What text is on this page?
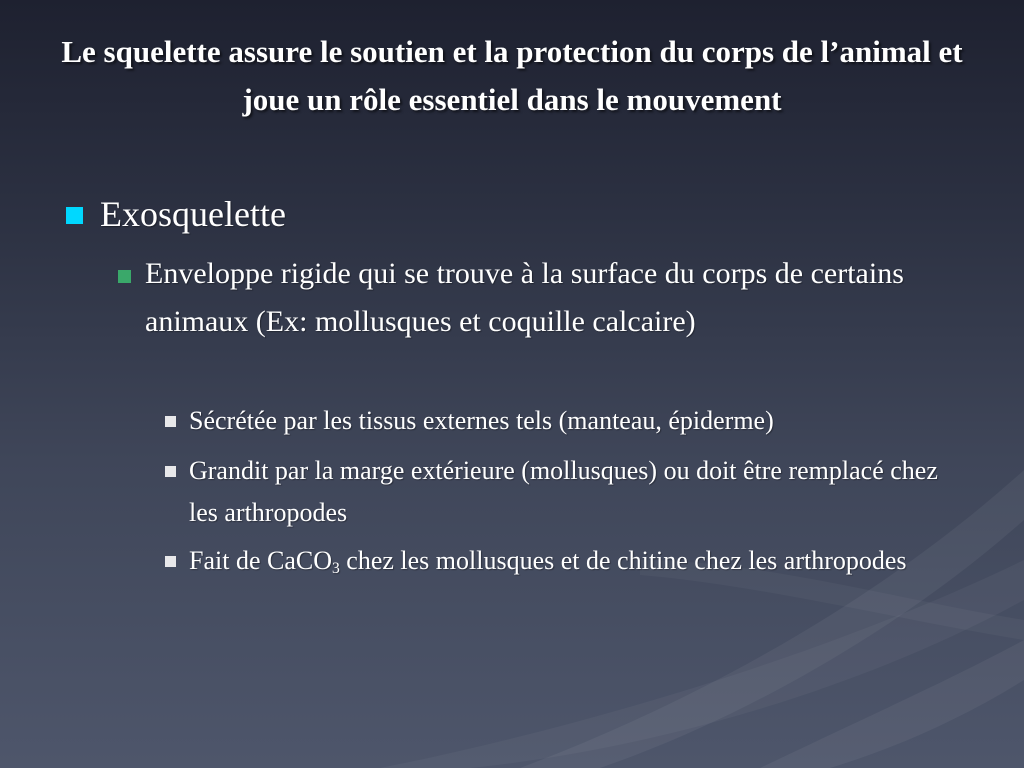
Le squelette assure le soutien et la protection du corps de l’animal et joue un rôle essentiel dans le mouvement
Exosquelette
Enveloppe rigide qui se trouve à la surface du corps de certains animaux (Ex: mollusques et coquille calcaire)
Sécrétée par les tissus externes tels (manteau, épiderme)
Grandit par la marge extérieure (mollusques) ou doit être remplacé chez les arthropodes
Fait de CaCO$_3$ chez les mollusques et de chitine chez les arthropodes
